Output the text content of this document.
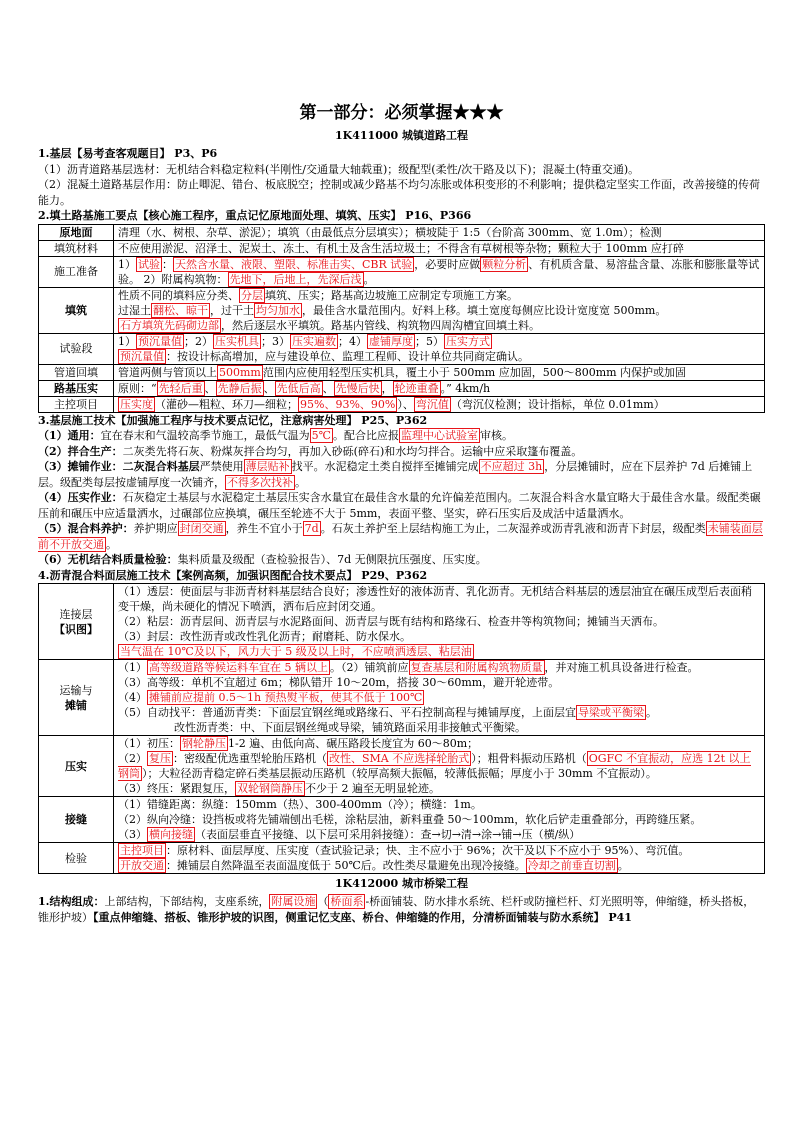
第一部分：必须掌握★★★
1K411000 城镇道路工程
1.基层【易考查客观题目】 P3、P6
（1）沥青道路基层选材：无机结合料稳定粒料(半刚性/交通量大轴载重)；级配型(柔性/次干路及以下)；混凝土(特重交通)。
（2）混凝土道路基层作用：防止唧泥、错台、板底脱空；控制或减少路基不均匀冻胀或体积变形的不利影响；提供稳定坚实工作面，改善接缝的传荷能力。
2.填土路基施工要点【核心施工程序，重点记忆原地面处理、填筑、压实】 P16、P366
原地面	清理（水、树根、杂草、淤泥）；填筑（由最低点分层填实）；横坡陡于 1:5（台阶高 300mm、宽 1.0m）；检测
填筑材料	不应使用淤泥、沼泽土、泥炭土、冻土、有机土及含生活垃圾土；不得含有草树根等杂物；颗粒大于 100mm 应打碎
施工准备	1） 试验 ： 天然含水量、液限、塑限、标准击实、CBR 试验 ，必要时应做 颗粒分析 、有机质含量、易溶盐含量、冻胀和膨胀量等试验。 2）附属构筑物： 先地下，后地上，先深后浅 。
填筑	性质不同的填料应分类、 分层 填筑、压实；路基高边坡施工应制定专项施工方案。
过湿土 翻松、晾干 ，过干土 均匀加水 ，最佳含水量范围内。好料上移。填土宽度每侧应比设计宽度宽 500mm。
石方填筑先码砌边部 ，然后逐层水平填筑。路基内管线、构筑物四周沟槽宜回填土料。

试验段	1） 预沉量值 ；2） 压实机具 ；3） 压实遍数 ；4） 虚铺厚度 ；5） 压实方式
预沉量值 ：按设计标高增加，应与建设单位、监理工程师、设计单位共同商定确认。

管道回填	管道两侧与管顶以上 500mm 范围内应使用轻型压实机具，覆土小于 500mm 应加固，500～800mm 内保护或加固
路基压实	原则：“ 先轻后重 、 先静后振 、 先低后高 、 先慢后快 ， 轮迹重叠 。” 4km/h
主控项目	压实度 （灌砂—粗粒、环刀—细粒； 95%、93%、90% ）、 弯沉值 （弯沉仪检测；设计指标，单位 0.01mm）
3.基层施工技术【加强施工程序与技术要点记忆，注意病害处理】 P25、P362
（1）通用：宜在春末和气温较高季节施工，最低气温为 5℃ 。配合比应报 监理中心试验室 审核。
（2）拌合生产：二灰类先将石灰、粉煤灰拌合均匀，再加入砂砾(碎石)和水均匀拌合。运输中应采取篷布覆盖。
（3）摊铺作业：二灰混合料基层严禁使用 薄层贴补 找平。水泥稳定土类自搅拌至摊铺完成 不应超过 3h ，分层摊铺时，应在下层养护 7d 后摊铺上层。级配类每层按虚铺厚度一次铺齐， 不得多次找补 。
（4）压实作业：石灰稳定土基层与水泥稳定土基层压实含水量宜在最佳含水量的允许偏差范围内。二灰混合料含水量宜略大于最佳含水量。级配类碾压前和碾压中应适量洒水，过碾部位应换填，碾压至轮迹不大于 5mm，表面平整、坚实，碎石压实后及成活中适量洒水。
（5）混合料养护：养护期应 封闭交通 ，养生不宜小于 7d 。石灰土养护至上层结构施工为止，二灰湿养或沥青乳液和沥青下封层，级配类 未铺装面层前不开放交通 。
（6）无机结合料质量检验：集料质量及级配（查检验报告）、7d 无侧限抗压强度、压实度。
4.沥青混合料面层施工技术【案例高频，加强识图配合技术要点】 P29、P362
连接层
【识图】	（1）透层：使面层与非沥青材料基层结合良好；渗透性好的液体沥青、乳化沥青。无机结合料基层的透层油宜在碾压成型后表面稍变干燥，尚未硬化的情况下喷洒，洒布后应封闭交通。
（2）粘层：沥青层间、沥青层与水泥路面间、沥青层与既有结构和路缘石、检查井等构筑物间；摊铺当天洒布。
（3）封层：改性沥青或改性乳化沥青；耐磨耗、防水保水。
当气温在 10℃及以下，风力大于 5 级及以上时，不应喷洒透层、粘层油

运输与
摊铺	（1） 高等级道路等候运料车宜在 5 辆以上 。（2）铺筑前应 复查基层和附属构筑物质量 ，并对施工机具设备进行检查。
（3）高等级：单机不宜超过 6m；梯队错开 10～20m，搭接 30～60mm，避开轮迹带。
（4） 摊铺前应提前 0.5～1h 预热熨平板，使其不低于 100℃
（5）自动找平：普通沥青类：下面层宜钢丝绳或路缘石、平石控制高程与摊铺厚度，上面层宜 导梁或平衡梁 。
改性沥青类：中、下面层钢丝绳或导梁，铺筑路面采用非接触式平衡梁。

压实	（1）初压： 钢轮静压 1-2 遍、由低向高、碾压路段长度宜为 60～80m；
（2） 复压 ：密级配优选重型轮胎压路机（ 改性、SMA 不应选择轮胎式 ）；粗骨料振动压路机（ OGFC 不宜振动，应选 12t 以上钢筒 ）；大粒径沥青稳定碎石类基层振动压路机（较厚高频大振幅，较薄低振幅；厚度小于 30mm 不宜振动）。
（3）终压：紧跟复压， 双轮钢筒静压 不少于 2 遍至无明显轮迹。

接缝	（1）错缝距离：纵缝：150mm（热）、300-400mm（冷）；横缝：1m。
（2）纵向冷缝：设挡板或将先铺端刨出毛槎，涂粘层油，新料重叠 50～100mm，软化后铲走重叠部分，再跨缝压紧。
（3） 横向接缝 （表面层垂直平接缝、以下层可采用斜接缝）：查→切→清→涂→铺→压（横/纵）

检验	主控项目 ：原材料、面层厚度、压实度（查试验记录；快、主不应小于 96%；次干及以下不应小于 95%）、弯沉值。
开放交通 ：摊铺层自然降温至表面温度低于 50℃后。改性类尽量避免出现冷接缝。 冷却之前垂直切割 。
1K412000 城市桥梁工程
1.结构组成：上部结构，下部结构，支座系统， 附属设施 （ 桥面系 -桥面铺装、防水排水系统、栏杆或防撞栏杆、灯光照明等，伸缩缝，桥头搭板，锥形护坡）【重点伸缩缝、搭板、锥形护坡的识图，侧重记忆支座、桥台、伸缩缝的作用，分清桥面铺装与防水系统】 P41
